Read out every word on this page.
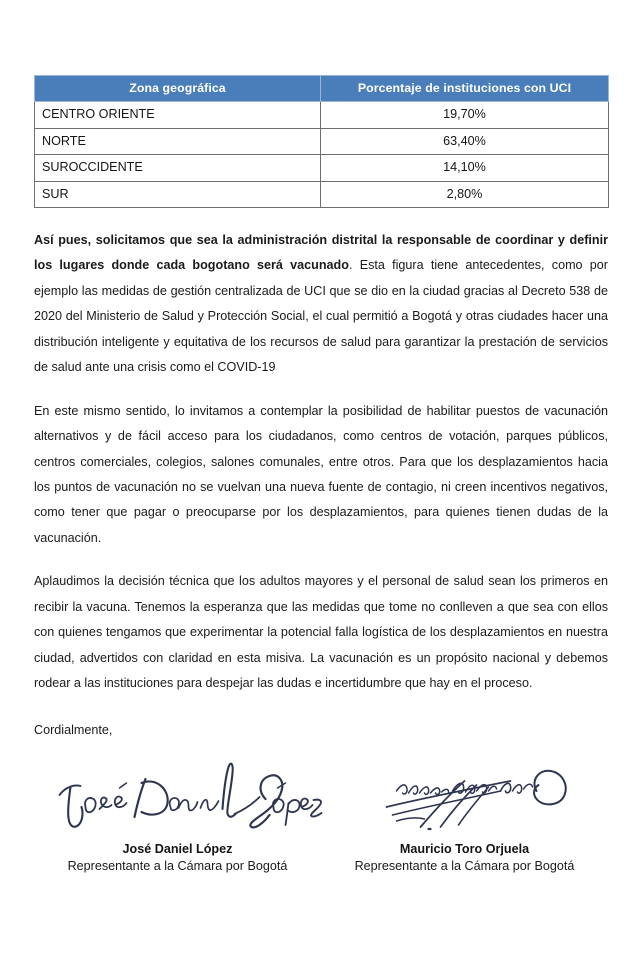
Zona geográfica	Porcentaje de instituciones con UCI
CENTRO ORIENTE	19,70%
NORTE	63,40%
SUROCCIDENTE	14,10%
SUR	2,80%

Así pues, solicitamos que sea la administración distrital la responsable de coordinar y definir los lugares donde cada bogotano será vacunado. Esta figura tiene antecedentes, como por ejemplo las medidas de gestión centralizada de UCI que se dio en la ciudad gracias al Decreto 538 de 2020 del Ministerio de Salud y Protección Social, el cual permitió a Bogotá y otras ciudades hacer una distribución inteligente y equitativa de los recursos de salud para garantizar la prestación de servicios de salud ante una crisis como el COVID-19

En este mismo sentido, lo invitamos a contemplar la posibilidad de habilitar puestos de vacunación alternativos y de fácil acceso para los ciudadanos, como centros de votación, parques públicos, centros comerciales, colegios, salones comunales, entre otros. Para que los desplazamientos hacia los puntos de vacunación no se vuelvan una nueva fuente de contagio, ni creen incentivos negativos, como tener que pagar o preocuparse por los desplazamientos, para quienes tienen dudas de la vacunación.

Aplaudimos la decisión técnica que los adultos mayores y el personal de salud sean los primeros en recibir la vacuna. Tenemos la esperanza que las medidas que tome no conlleven a que sea con ellos con quienes tengamos que experimentar la potencial falla logística de los desplazamientos en nuestra ciudad, advertidos con claridad en esta misiva. La vacunación es un propósito nacional y debemos rodear a las instituciones para despejar las dudas e incertidumbre que hay en el proceso.

Cordialmente,
José Daniel López
Representante a la Cámara por Bogotá
Mauricio Toro Orjuela
Representante a la Cámara por Bogotá
